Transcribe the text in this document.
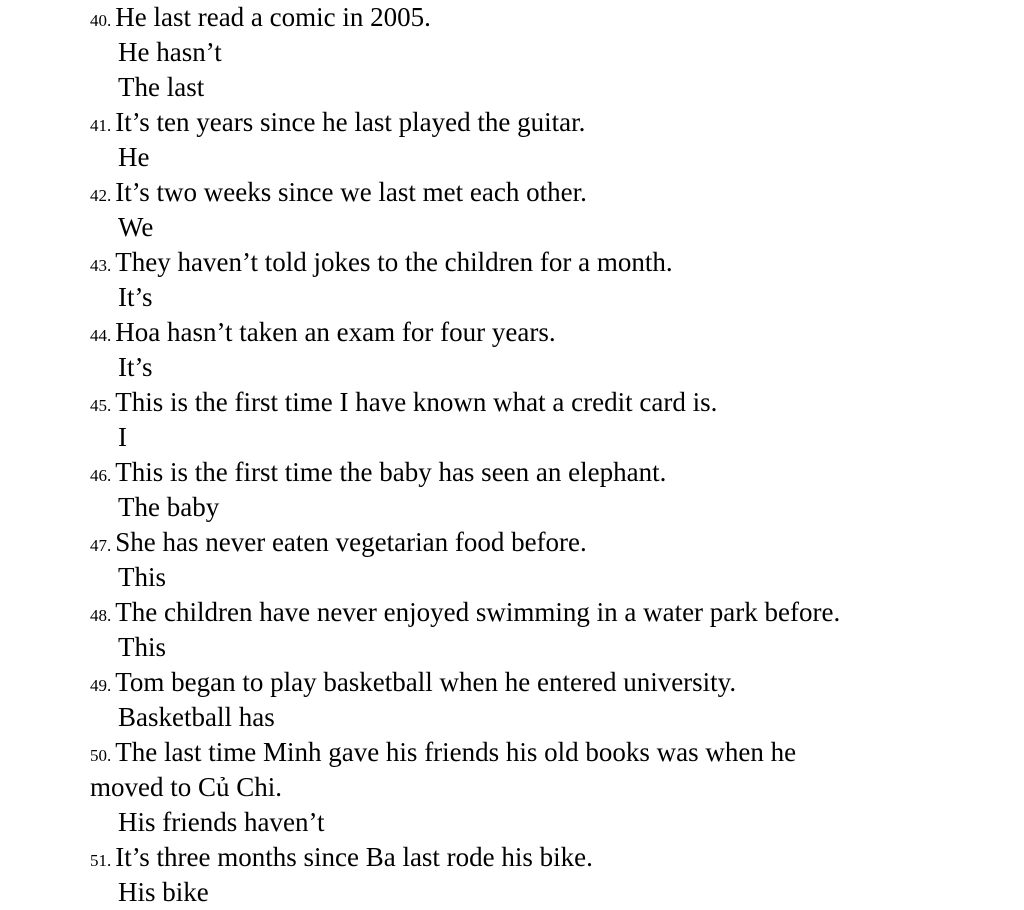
40. He last read a comic in 2005.
He hasn’t
The last
41. It’s ten years since he last played the guitar.
He
42. It’s two weeks since we last met each other.
We
43. They haven’t told jokes to the children for a month.
It’s
44. Hoa hasn’t taken an exam for four years.
It’s
45. This is the first time I have known what a credit card is.
I
46. This is the first time the baby has seen an elephant.
The baby
47. She has never eaten vegetarian food before.
This
48. The children have never enjoyed swimming in a water park before.
This
49. Tom began to play basketball when he entered university.
Basketball has
50. The last time Minh gave his friends his old books was when he
moved to Củ Chi.
His friends haven’t
51. It’s three months since Ba last rode his bike.
His bike
